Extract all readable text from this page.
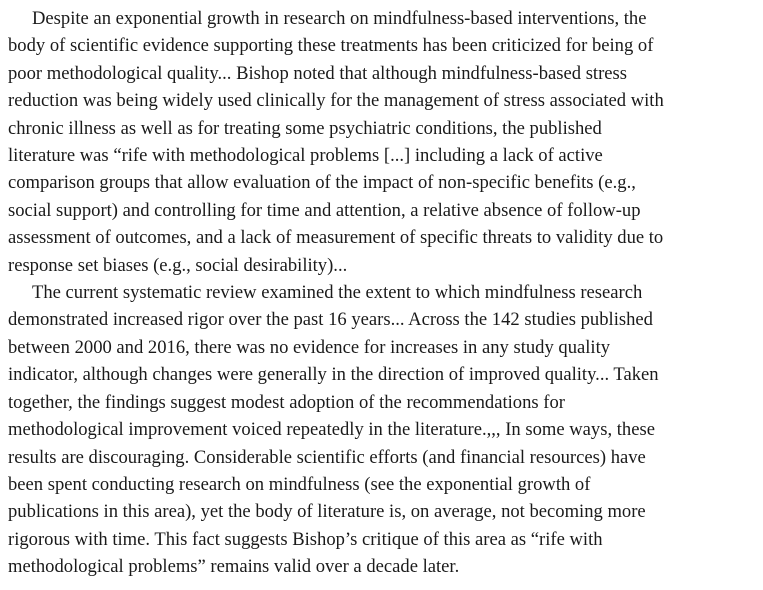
Despite an exponential growth in research on mindfulness-based interventions, the
body of scientific evidence supporting these treatments has been criticized for being of
poor methodological quality... Bishop noted that although mindfulness-based stress
reduction was being widely used clinically for the management of stress associated with
chronic illness as well as for treating some psychiatric conditions, the published
literature was “rife with methodological problems [...] including a lack of active
comparison groups that allow evaluation of the impact of non-specific benefits (e.g.,
social support) and controlling for time and attention, a relative absence of follow-up
assessment of outcomes, and a lack of measurement of specific threats to validity due to
response set biases (e.g., social desirability)...

The current systematic review examined the extent to which mindfulness research
demonstrated increased rigor over the past 16 years... Across the 142 studies published
between 2000 and 2016, there was no evidence for increases in any study quality
indicator, although changes were generally in the direction of improved quality... Taken
together, the findings suggest modest adoption of the recommendations for
methodological improvement voiced repeatedly in the literature.,,, In some ways, these
results are discouraging. Considerable scientific efforts (and financial resources) have
been spent conducting research on mindfulness (see the exponential growth of
publications in this area), yet the body of literature is, on average, not becoming more
rigorous with time. This fact suggests Bishop’s critique of this area as “rife with
methodological problems” remains valid over a decade later.
